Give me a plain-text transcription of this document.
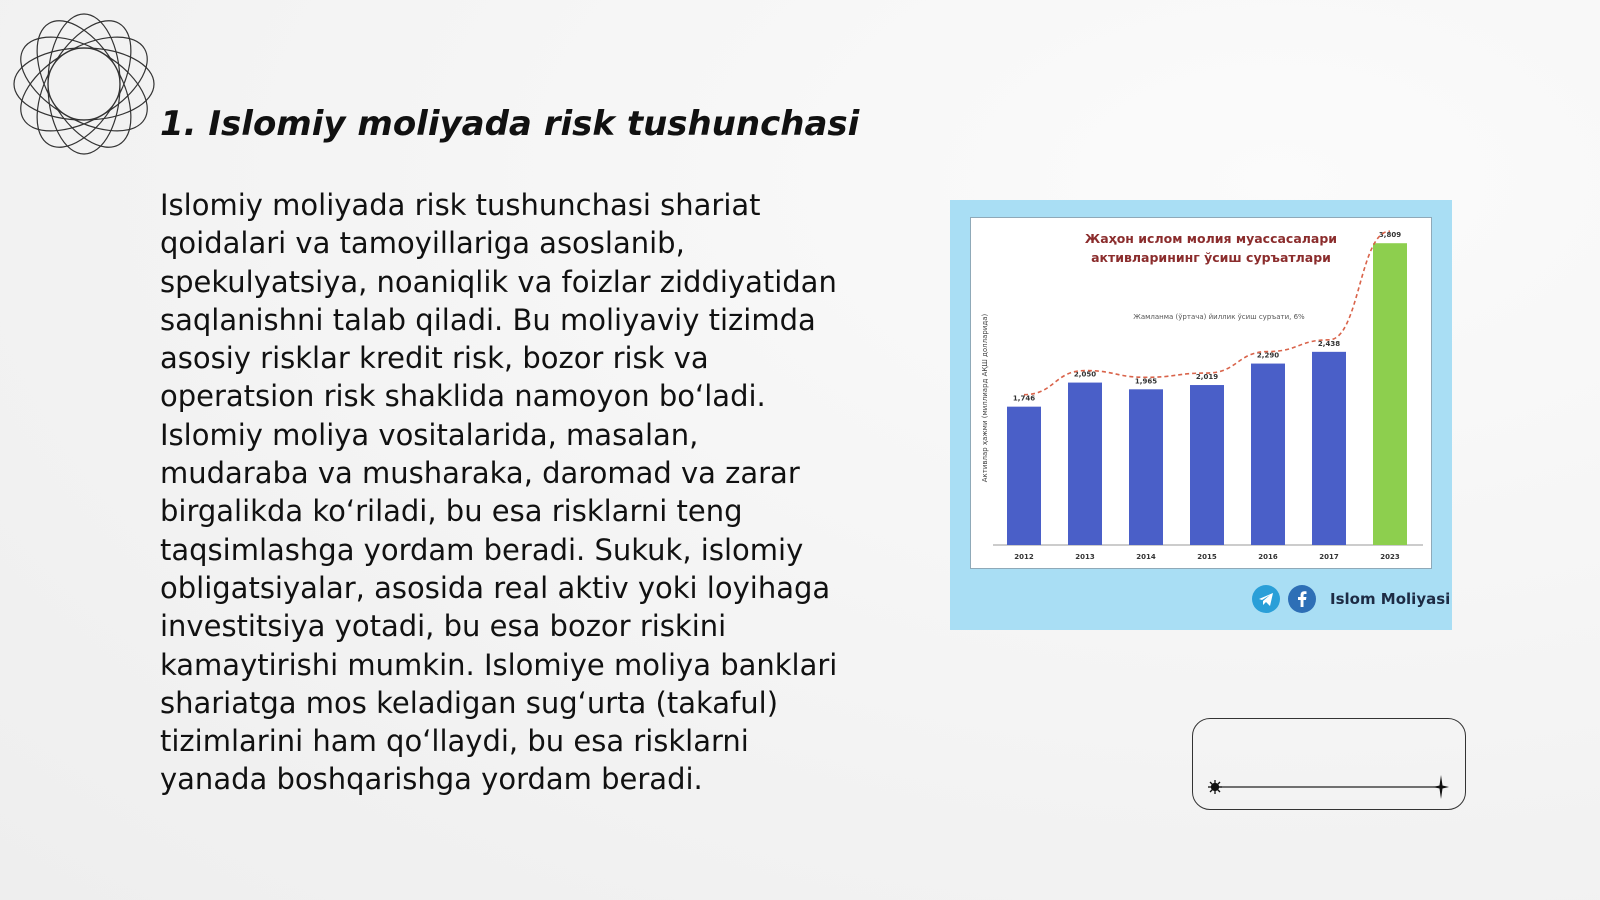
1. Islomiy moliyada risk tushunchasi

Islomiy moliyada risk tushunchasi shariat qoidalari va tamoyillariga asoslanib, spekulyatsiya, noaniqlik va foizlar ziddiyatidan saqlanishni talab qiladi. Bu moliyaviy tizimda asosiy risklar kredit risk, bozor risk va operatsion risk shaklida namoyon bo‘ladi. Islomiy moliya vositalarida, masalan, mudaraba va musharaka, daromad va zarar birgalikda ko‘riladi, bu esa risklarni teng taqsimlashga yordam beradi. Sukuk, islomiy obligatsiyalar, asosida real aktiv yoki loyihaga investitsiya yotadi, bu esa bozor riskini kamaytirishi mumkin. Islomiye moliya banklari shariatga mos keladigan sug‘urta (takaful) tizimlarini ham qo‘llaydi, bu esa risklarni yanada boshqarishga yordam beradi.

Жаҳон ислом молия муассасалари
активларининг ўсиш суръатлари
Жамланма (ўртача) йиллик ўсиш суръати, 6%
Активлар ҳажми (миллиард АҚШ долларида)	1,746
2012
2,050
2013
1,965
2014
2,019
2015
2,290
2016
2,438
2017
3,809
2023
Islom Moliyasi
